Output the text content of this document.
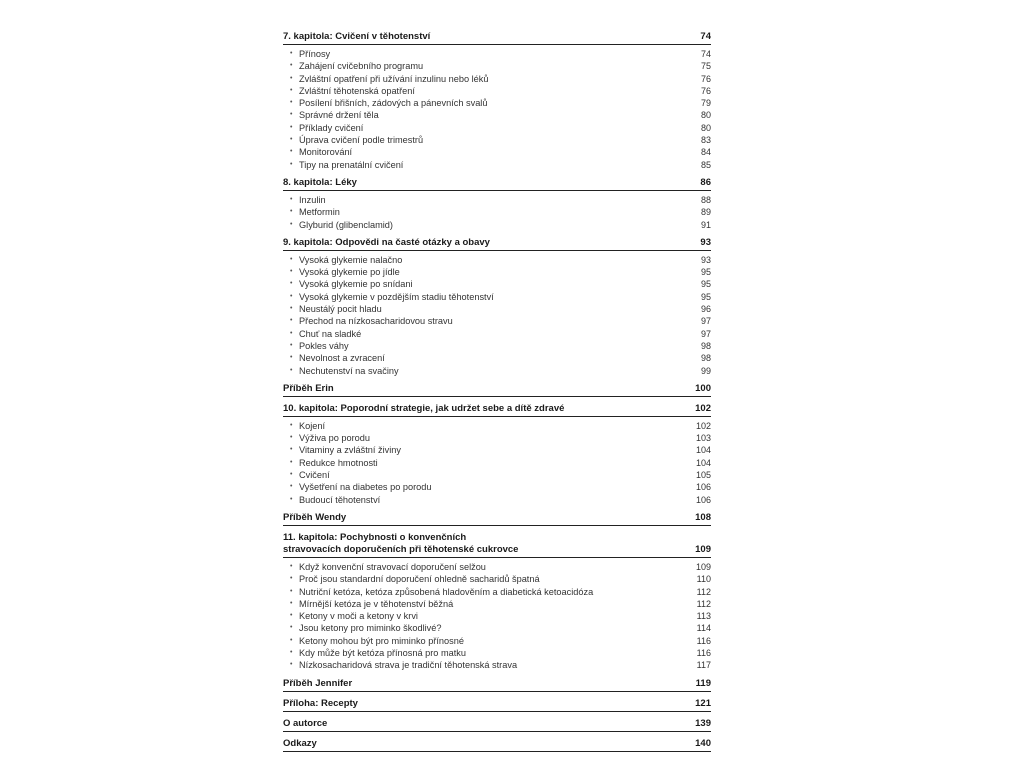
7. kapitola: Cvičení v těhotenství	74
• Přínosy	74
• Zahájení cvičebního programu	75
• Zvláštní opatření při užívání inzulinu nebo léků	76
• Zvláštní těhotenská opatření	76
• Posílení břišních, zádových a pánevních svalů	79
• Správné držení těla	80
• Příklady cvičení	80
• Úprava cvičení podle trimestrů	83
• Monitorování	84
• Tipy na prenatální cvičení	85
8. kapitola: Léky	86
• Inzulin	88
• Metformin	89
• Glyburid (glibenclamid)	91
9. kapitola: Odpovědi na časté otázky a obavy	93
• Vysoká glykemie nalačno	93
• Vysoká glykemie po jídle	95
• Vysoká glykemie po snídani	95
• Vysoká glykemie v pozdějším stadiu těhotenství	95
• Neustálý pocit hladu	96
• Přechod na nízkosacharidovou stravu	97
• Chuť na sladké	97
• Pokles váhy	98
• Nevolnost a zvracení	98
• Nechutenství na svačiny	99
Příběh Erin	100
10. kapitola: Poporodní strategie, jak udržet sebe a dítě zdravé	102
• Kojení	102
• Výživa po porodu	103
• Vitaminy a zvláštní živiny	104
• Redukce hmotnosti	104
• Cvičení	105
• Vyšetření na diabetes po porodu	106
• Budoucí těhotenství	106
Příběh Wendy	108
11. kapitola: Pochybnosti o konvenčních
stravovacích doporučeních při těhotenské cukrovce	109
• Když konvenční stravovací doporučení selžou	109
• Proč jsou standardní doporučení ohledně sacharidů špatná	110
• Nutriční ketóza, ketóza způsobená hladověním a diabetická ketoacidóza	112
• Mírnější ketóza je v těhotenství běžná	112
• Ketony v moči a ketony v krvi	113
• Jsou ketony pro miminko škodlivé?	114
• Ketony mohou být pro miminko přínosné	116
• Kdy může být ketóza přínosná pro matku	116
• Nízkosacharidová strava je tradiční těhotenská strava	117
Příběh Jennifer	119
Příloha: Recepty	121
O autorce	139
Odkazy	140
